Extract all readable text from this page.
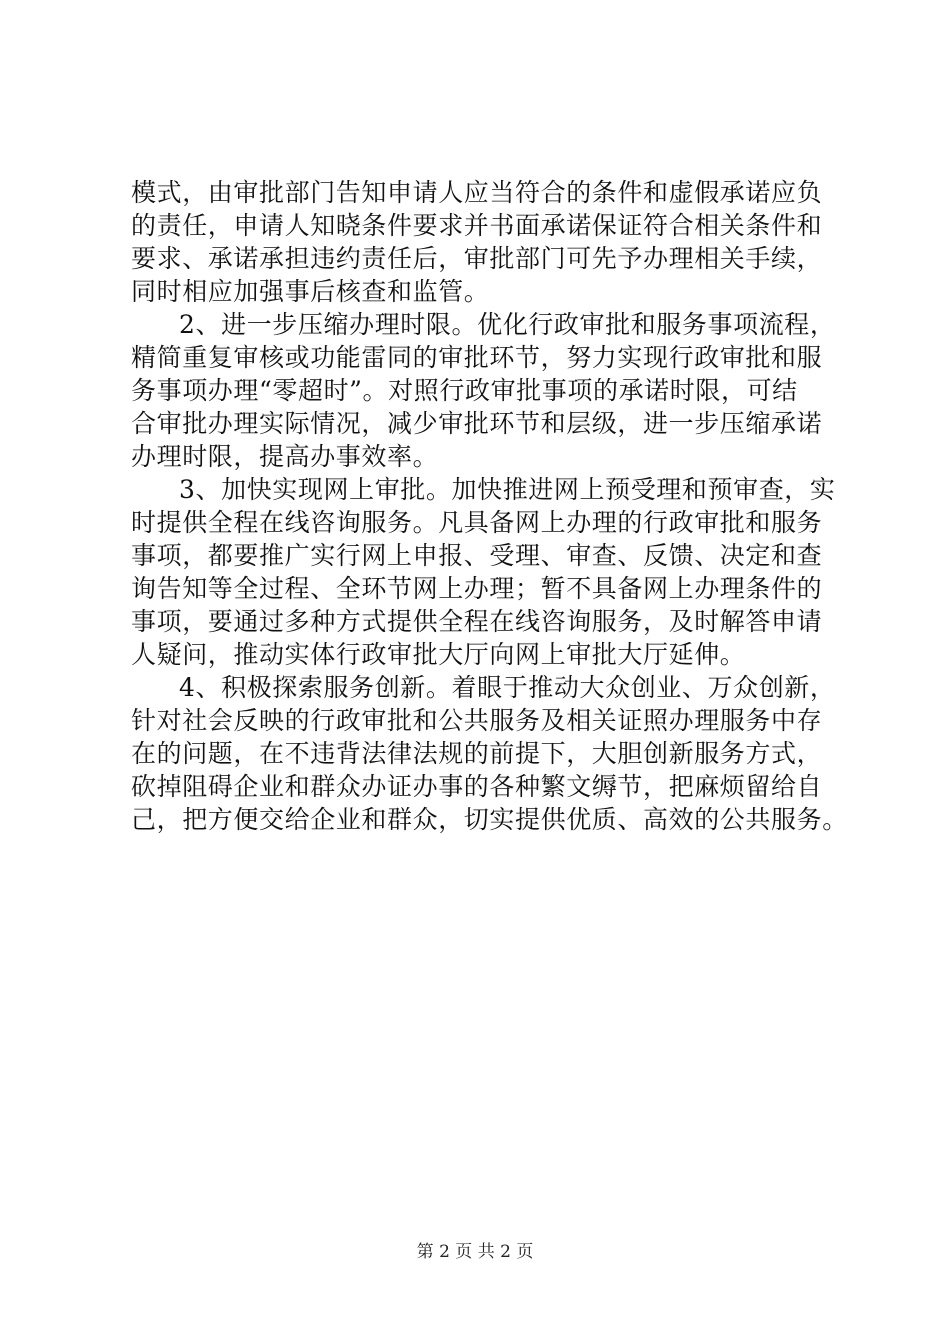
模式，由审批部门告知申请人应当符合的条件和虚假承诺应负
的责任，申请人知晓条件要求并书面承诺保证符合相关条件和
要求、承诺承担违约责任后，审批部门可先予办理相关手续，
同时相应加强事后核查和监管。
2、进一步压缩办理时限。优化行政审批和服务事项流程，
精简重复审核或功能雷同的审批环节，努力实现行政审批和服
务事项办理“零超时”。对照行政审批事项的承诺时限，可结
合审批办理实际情况，减少审批环节和层级，进一步压缩承诺
办理时限，提高办事效率。
3、加快实现网上审批。加快推进网上预受理和预审查，实
时提供全程在线咨询服务。凡具备网上办理的行政审批和服务
事项，都要推广实行网上申报、受理、审查、反馈、决定和查
询告知等全过程、全环节网上办理；暂不具备网上办理条件的
事项，要通过多种方式提供全程在线咨询服务，及时解答申请
人疑问，推动实体行政审批大厅向网上审批大厅延伸。
4、积极探索服务创新。着眼于推动大众创业、万众创新，
针对社会反映的行政审批和公共服务及相关证照办理服务中存
在的问题，在不违背法律法规的前提下，大胆创新服务方式，
砍掉阻碍企业和群众办证办事的各种繁文缛节，把麻烦留给自
己，把方便交给企业和群众，切实提供优质、高效的公共服务。
第 2 页 共 2 页
